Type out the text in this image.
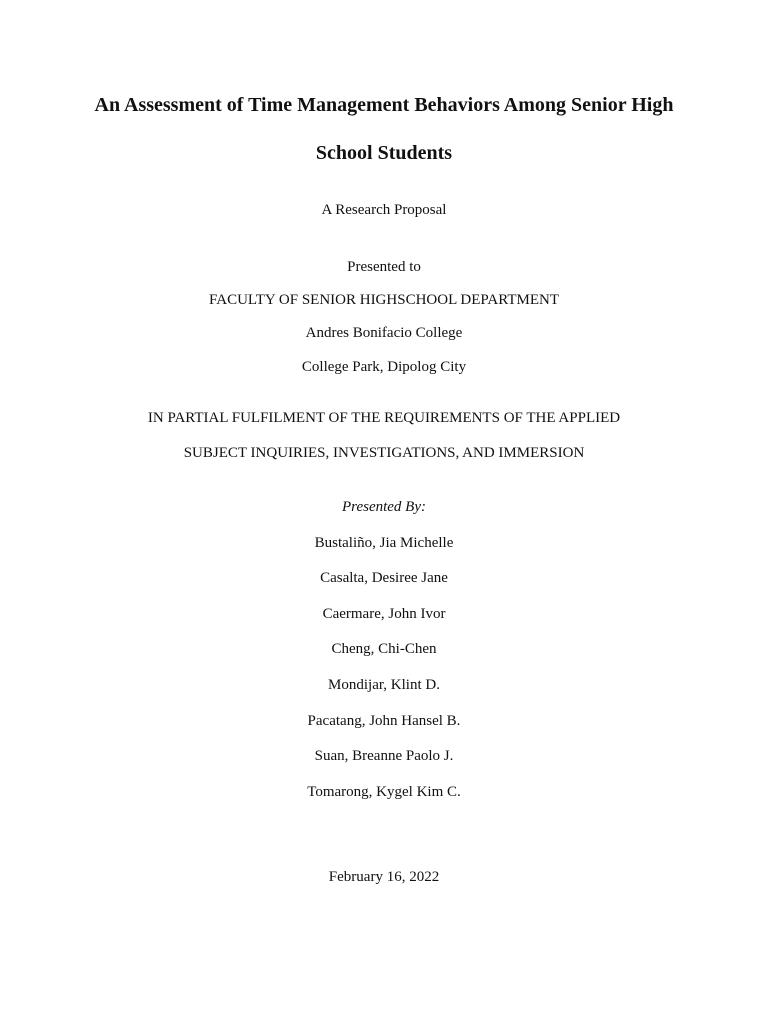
An Assessment of Time Management Behaviors Among Senior High
School Students
A Research Proposal
Presented to
FACULTY OF SENIOR HIGHSCHOOL DEPARTMENT
Andres Bonifacio College
College Park, Dipolog City
IN PARTIAL FULFILMENT OF THE REQUIREMENTS OF THE APPLIED
SUBJECT INQUIRIES, INVESTIGATIONS, AND IMMERSION
Presented By:
Bustaliño, Jia Michelle
Casalta, Desiree Jane
Caermare, John Ivor
Cheng, Chi-Chen
Mondijar, Klint D.
Pacatang, John Hansel B.
Suan, Breanne Paolo J.
Tomarong, Kygel Kim C.
February 16, 2022
